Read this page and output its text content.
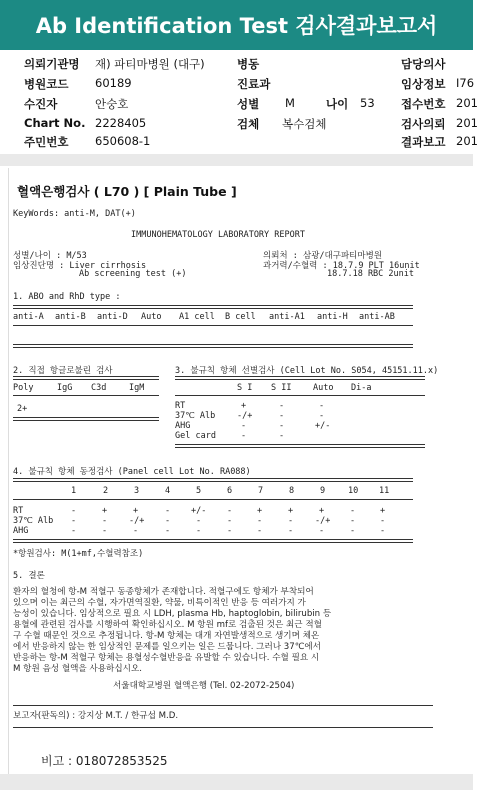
Ab Identification Test 검사결과보고서
의뢰기관명 재) 파티마병원 (대구)	병동	담당의사
병원코드 60189	진료과	임상정보 I76
수진자	안숭호	성별 M	나이 53 접수번호 201
Chart No. 2228405	검체 복수검체	검사의뢰 201
주민번호 650608-1	결과보고 201
혈액은행검사 ( L70 ) [ Plain Tube ]
KeyWords: anti-M, DAT(+)
IMMUNOHEMATOLOGY LABORATORY REPORT
성별/나이 : M/53
임상진단명 : Liver cirrhosis
Ab screening test (+)
의뢰처 : 삼광/대구파티마병원
과거력/수혈력 : 18.7.9 PLT 16unit
18.7.18 RBC 2unit
1. ABO and RhD type :
anti-A anti-B anti-D Auto A1 cell B cell anti-A1 anti-H anti-AB
2. 직접 항글로불린 검사
Poly	IgG C3d	IgM
2+
3. 불규칙 항체 선별검사 (Cell Lot No. S054, 45151.11.x)
S I S II	Auto Di-a
RT	+	-	-
37℃ Alb	-/+	-	-
AHG	-	-	+/-
Gel card	-	-
4. 불규칙 항체 동정검사 (Panel cell Lot No. RA088)
1	2	3	4	5	6	7	8	9	10 11
RT	-	+	+	- +/- -	+	+	+	-	+
37℃ Alb -	-	-/+ -	-	-	-	-	-/+ -	-
AHG	-	-	-	-	-	-	-	-	-	-	-
*항원검사: M(1+mf,수혈력참조)
5. 결론
환자의 혈청에 항-M 적혈구 동종항체가 존재합니다. 적혈구에도 항체가 부착되어
있으며 이는 최근의 수혈, 자가면역질환, 약물, 비특이적인 반응 등 여러가지 가
능성이 있습니다. 임상적으로 필요 시 LDH, plasma Hb, haptoglobin, bilirubin 등
용혈에 관련된 검사를 시행하여 확인하십시오. M 항원 mf로 검출된 것은 최근 적혈
구 수혈 때문인 것으로 추정됩니다. 항-M 항체는 대개 자연발생적으로 생기며 체온
에서 반응하지 않는 한 임상적인 문제를 일으키는 일은 드뭅니다. 그러나 37℃에서
반응하는 항-M 적혈구 항체는 용혈성수혈반응을 유발할 수 있습니다. 수혈 필요 시
M 항원 음성 혈액을 사용하십시오.
서울대학교병원 혈액은행 (Tel. 02-2072-2504)
보고자(판독의) : 강지상 M.T. / 한규섭 M.D.
비고 : 018072853525
